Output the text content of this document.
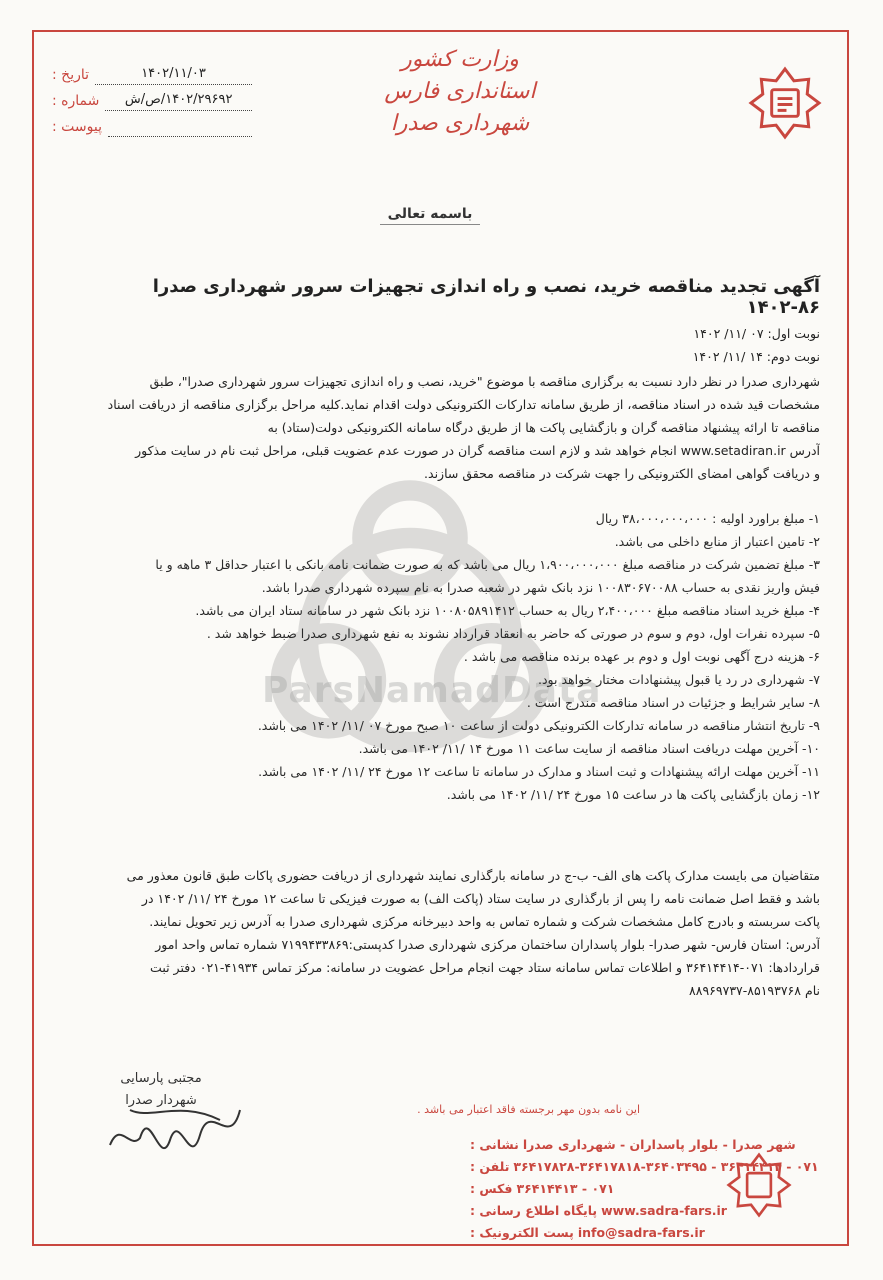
ParsNamadData
تاریخ :	۱۴۰۲/۱۱/۰۳
شماره :	۱۴۰۲/۲۹۶۹۲/ص/ش
پیوست :
وزارت کشور
استانداری فارس
شهرداری صدرا
باسمه تعالی
آگهی تجدید مناقصه خرید، نصب و راه اندازی تجهیزات سرور شهرداری صدرا ۸۶-۱۴۰۲
نوبت اول: ۰۷ /۱۱/ ۱۴۰۲
نوبت دوم: ۱۴ /۱۱/ ۱۴۰۲
شهرداری صدرا در نظر دارد نسبت به برگزاری مناقصه با موضوع "خرید، نصب و راه اندازی تجهیزات سرور شهرداری صدرا"، طبق
مشخصات قید شده در اسناد مناقصه، از طریق سامانه تدارکات الکترونیکی دولت اقدام نماید.کلیه مراحل برگزاری مناقصه از دریافت اسناد
مناقصه تا ارائه پیشنهاد مناقصه گران و بازگشایی پاکت ها از طریق درگاه سامانه الکترونیکی دولت(ستاد) به
آدرس www.setadiran.ir انجام خواهد شد و لازم است مناقصه گران در صورت عدم عضویت قبلی، مراحل ثبت نام در سایت مذکور
و دریافت گواهی امضای الکترونیکی را جهت شرکت در مناقصه محقق سازند.
۱- مبلغ براورد اولیه : ۳۸،۰۰۰،۰۰۰،۰۰۰ ریال
۲- تامین اعتبار از منابع داخلی می باشد.
۳- مبلغ تضمین شرکت در مناقصه مبلغ ۱،۹۰۰،۰۰۰،۰۰۰ ریال می باشد که به صورت ضمانت نامه بانکی با اعتبار حداقل ۳ ماهه و یا
فیش واریز نقدی به حساب ۱۰۰۸۳۰۶۷۰۰۸۸ نزد بانک شهر در شعبه صدرا به نام سپرده شهرداری صدرا باشد.
۴- مبلغ خرید اسناد مناقصه مبلغ ۲،۴۰۰،۰۰۰ ریال به حساب ۱۰۰۸۰۵۸۹۱۴۱۲ نزد بانک شهر در سامانه ستاد ایران می باشد.
۵- سپرده نفرات اول، دوم و سوم در صورتی که حاضر به انعقاد قرارداد نشوند به نفع شهرداری صدرا ضبط خواهد شد .
۶- هزینه درج آگهی نوبت اول و دوم بر عهده برنده مناقصه می باشد .
۷- شهرداری در رد یا قبول پیشنهادات مختار خواهد بود.
۸- سایر شرایط و جزئیات در اسناد مناقصه مندرج است .
۹- تاریخ انتشار مناقصه در سامانه تدارکات الکترونیکی دولت از ساعت ۱۰ صبح مورخ ۰۷ /۱۱/ ۱۴۰۲ می باشد.
۱۰- آخرین مهلت دریافت اسناد مناقصه از سایت ساعت ۱۱ مورخ ۱۴ /۱۱/ ۱۴۰۲ می باشد.
۱۱- آخرین مهلت ارائه پیشنهادات و ثبت اسناد و مدارک در سامانه تا ساعت ۱۲ مورخ ۲۴ /۱۱/ ۱۴۰۲ می باشد.
۱۲- زمان بازگشایی پاکت ها در ساعت ۱۵ مورخ ۲۴ /۱۱/ ۱۴۰۲ می باشد.
متقاضیان می بایست مدارک پاکت های الف- ب-ج در سامانه بارگذاری نمایند شهرداری از دریافت حضوری پاکات طبق قانون معذور می
باشد و فقط اصل ضمانت نامه را پس از بارگذاری در سایت ستاد (پاکت الف) به صورت فیزیکی تا ساعت ۱۲ مورخ ۲۴ /۱۱/ ۱۴۰۲ در
پاکت سربسته و بادرج کامل مشخصات شرکت و شماره تماس به واحد دبیرخانه مرکزی شهرداری صدرا به آدرس زیر تحویل نمایند.
آدرس: استان فارس- شهر صدرا- بلوار پاسداران ساختمان مرکزی شهرداری صدرا کدپستی:۷۱۹۹۴۳۳۸۶۹ شماره تماس واحد امور
قراردادها: ۰۷۱-۳۶۴۱۴۴۱۴ و اطلاعات تماس سامانه ستاد جهت انجام مراحل عضویت در سامانه: مرکز تماس ۴۱۹۳۴-۰۲۱ دفتر ثبت
نام ۸۵۱۹۳۷۶۸-۸۸۹۶۹۷۳۷
مجتبی پارسایی
شهردار صدرا
این نامه بدون مهر برجسته فاقد اعتبار می باشد .
نشانی : شهر صدرا - بلوار پاسداران - شهرداری صدرا
تلفن : ۰۷۱ - ۳۶۴۱۴۴۱۴ - ۳۶۴۱۷۸۲۸-۳۶۴۱۷۸۱۸-۳۶۴۰۳۴۹۵
فکس : ۰۷۱ - ۳۶۴۱۴۴۱۳
پایگاه اطلاع رسانی : www.sadra-fars.ir
پست الکترونیک : info@sadra-fars.ir
